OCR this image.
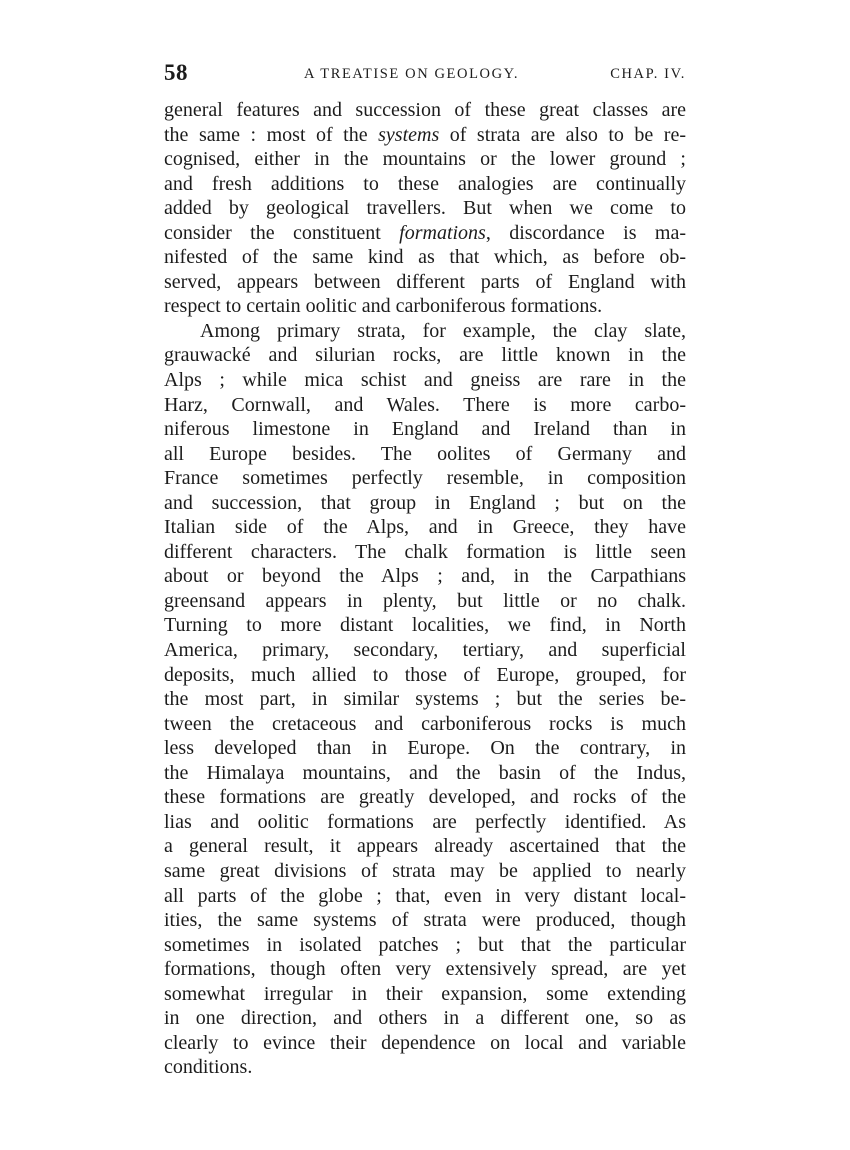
58	A TREATISE ON GEOLOGY.	CHAP. IV.
general features and succession of these great classes are
the same : most of the systems of strata are also to be re-
cognised, either in the mountains or the lower ground ;
and fresh additions to these analogies are continually
added by geological travellers. But when we come to
consider the constituent formations, discordance is ma-
nifested of the same kind as that which, as before ob-
served, appears between different parts of England with
respect to certain oolitic and carboniferous formations.
Among primary strata, for example, the clay slate,
grauwacké and silurian rocks, are little known in the
Alps ; while mica schist and gneiss are rare in the
Harz, Cornwall, and Wales. There is more carbo-
niferous limestone in England and Ireland than in
all Europe besides. The oolites of Germany and
France sometimes perfectly resemble, in composition
and succession, that group in England ; but on the
Italian side of the Alps, and in Greece, they have
different characters. The chalk formation is little seen
about or beyond the Alps ; and, in the Carpathians
greensand appears in plenty, but little or no chalk.
Turning to more distant localities, we find, in North
America, primary, secondary, tertiary, and superficial
deposits, much allied to those of Europe, grouped, for
the most part, in similar systems ; but the series be-
tween the cretaceous and carboniferous rocks is much
less developed than in Europe. On the contrary, in
the Himalaya mountains, and the basin of the Indus,
these formations are greatly developed, and rocks of the
lias and oolitic formations are perfectly identified. As
a general result, it appears already ascertained that the
same great divisions of strata may be applied to nearly
all parts of the globe ; that, even in very distant local-
ities, the same systems of strata were produced, though
sometimes in isolated patches ; but that the particular
formations, though often very extensively spread, are yet
somewhat irregular in their expansion, some extending
in one direction, and others in a different one, so as
clearly to evince their dependence on local and variable
conditions.
